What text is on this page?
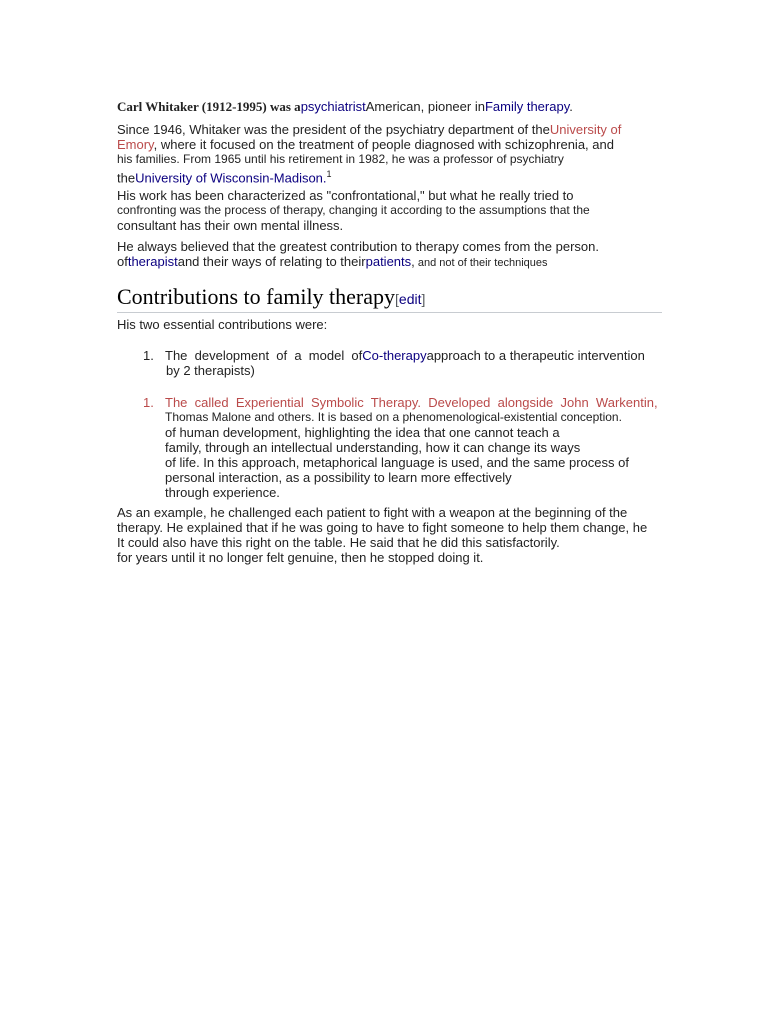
Carl Whitaker (1912-1995) was apsychiatristAmerican, pioneer inFamily therapy.

Since 1946, Whitaker was the president of the psychiatry department of theUniversity of
Emory, where it focused on the treatment of people diagnosed with schizophrenia, and
his families. From 1965 until his retirement in 1982, he was a professor of psychiatry
theUniversity of Wisconsin-Madison.$^1$
His work has been characterized as "confrontational," but what he really tried to
confronting was the process of therapy, changing it according to the assumptions that the
consultant has their own mental illness.
He always believed that the greatest contribution to therapy comes from the person.
oftherapistand their ways of relating to theirpatients, and not of their techniques
Contributions to family therapy[edit]

His two essential contributions were:

1. The  development  of  a  model  ofCo-therapyapproach to a therapeutic intervention
by 2 therapists)
1. The  called  Experiential  Symbolic  Therapy.  Developed  alongside  John  Warkentin,
Thomas Malone and others. It is based on a phenomenological-existential conception.
of human development, highlighting the idea that one cannot teach a
family, through an intellectual understanding, how it can change its ways
of life. In this approach, metaphorical language is used, and the same process of
personal interaction, as a possibility to learn more effectively
through experience.
As an example, he challenged each patient to fight with a weapon at the beginning of the
therapy. He explained that if he was going to have to fight someone to help them change, he
It could also have this right on the table. He said that he did this satisfactorily.
for years until it no longer felt genuine, then he stopped doing it.
